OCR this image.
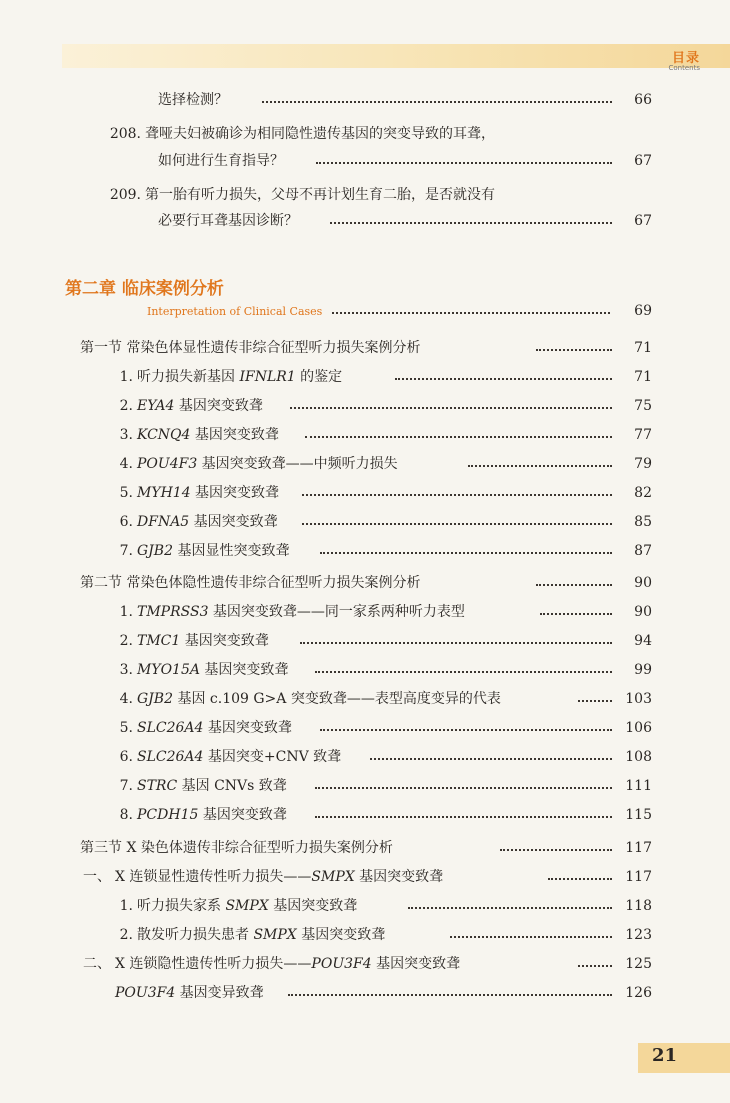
目录
Contents
选择检测？	66
208. 聋哑夫妇被确诊为相同隐性遗传基因的突变导致的耳聋，
如何进行生育指导？	67
209. 第一胎有听力损失，父母不再计划生育二胎，是否就没有
必要行耳聋基因诊断？	67
第二章 临床案例分析
Interpretation of Clinical Cases	69
第一节 常染色体显性遗传非综合征型听力损失案例分析	71
1. 听力损失新基因 IFNLR1 的鉴定	71
2. EYA4 基因突变致聋	75
3. KCNQ4 基因突变致聋	77
4. POU4F3 基因突变致聋——中频听力损失	79
5. MYH14 基因突变致聋	82
6. DFNA5 基因突变致聋	85
7. GJB2 基因显性突变致聋	87
第二节 常染色体隐性遗传非综合征型听力损失案例分析	90
1. TMPRSS3 基因突变致聋——同一家系两种听力表型	90
2. TMC1 基因突变致聋	94
3. MYO15A 基因突变致聋	99
4. GJB2 基因 c.109 G>A 突变致聋——表型高度变异的代表	103
5. SLC26A4 基因突变致聋	106
6. SLC26A4 基因突变+CNV 致聋	108
7. STRC 基因 CNVs 致聋	111
8. PCDH15 基因突变致聋	115
第三节 X 染色体遗传非综合征型听力损失案例分析	117
一、 X 连锁显性遗传性听力损失——SMPX 基因突变致聋	117
1. 听力损失家系 SMPX 基因突变致聋	118
2. 散发听力损失患者 SMPX 基因突变致聋	123
二、 X 连锁隐性遗传性听力损失——POU3F4 基因突变致聋	125
POU3F4 基因变异致聋	126
21
